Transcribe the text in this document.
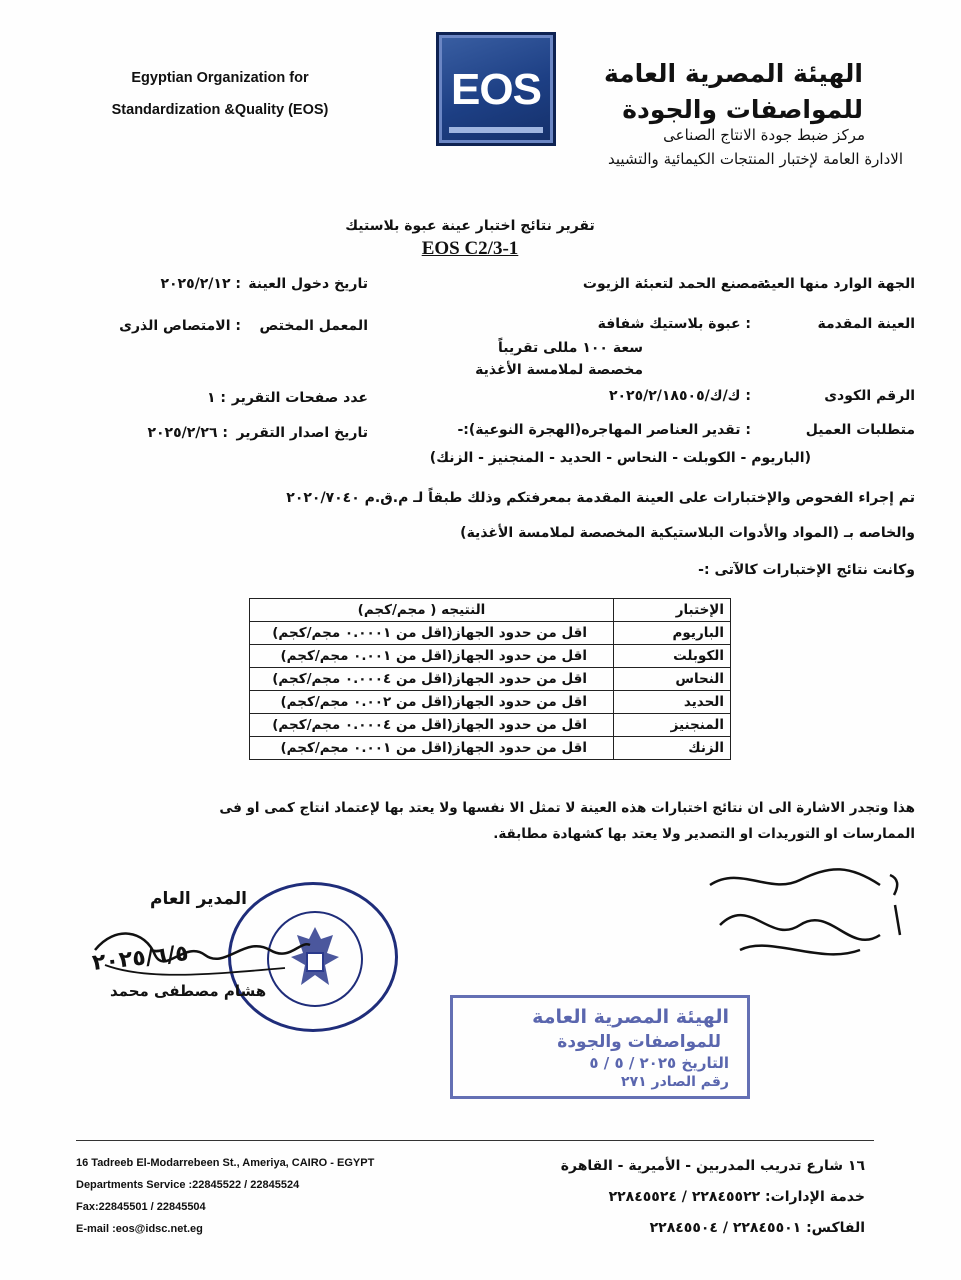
Egyptian Organization for
Standardization &Quality (EOS)	EOS	الهيئة المصرية العامة
للمواصفات والجودة
مركز ضبط جودة الانتاج الصناعى
الادارة العامة لإختبار المنتجات الكيمائية والتشييد
تقرير نتائج اختبار عينة عبوة بلاستيك
EOS C2/3-1
الجهة الوارد منها العينة
: مصنع الحمد لتعبئة الزيوت
العينة المقدمة
: عبوة بلاستيك شفافة
سعة ١٠٠ مللى تقريباً
مخصصة لملامسة الأغذية
الرقم الكودى
: ك/ك/٢٠٢٥/٢/١٨٥٠٥
متطلبات العميل
: تقدير العناصر المهاجره(الهجرة النوعية):-
(الباريوم - الكوبلت - النحاس - الحديد - المنجنيز - الزنك)
تاريخ دخول العينة
: ٢٠٢٥/٢/١٢
المعمل المختص
: الامتصاص الذرى
عدد صفحات التقرير
: ١
تاريخ اصدار التقرير
: ٢٠٢٥/٢/٢٦
تم إجراء الفحوص والإختبارات على العينة المقدمة بمعرفتكم وذلك طبقاً لـ م.ق.م ٢٠٢٠/٧٠٤٠
والخاصه بـ (المواد والأدوات البلاستيكية المخصصة لملامسة الأغذية)
وكانت نتائج الإختبارات كالآتى :-
الإختبار	النتيجه ( مجم/كجم)
الباريوم	اقل من حدود الجهاز(اقل من ٠.٠٠٠١ مجم/كجم)
الكوبلت	اقل من حدود الجهاز(اقل من ٠.٠٠١ مجم/كجم)
النحاس	اقل من حدود الجهاز(اقل من ٠.٠٠٠٤ مجم/كجم)
الحديد	اقل من حدود الجهاز(اقل من ٠.٠٠٢ مجم/كجم)
المنجنيز	اقل من حدود الجهاز(اقل من ٠.٠٠٠٤ مجم/كجم)
الزنك	اقل من حدود الجهاز(اقل من ٠.٠٠١ مجم/كجم)
هذا وتجدر الاشارة الى ان نتائج اختبارات هذه العينة لا تمثل الا نفسها ولا يعتد بها لإعتماد انتاج كمى او فى
الممارسات او التوريدات او التصدير ولا يعتد بها كشهادة مطابقة.
المدير العام
٢٠٢٥/٦/٥
هشام مصطفى محمد
الهيئة المصرية العامة
للمواصفات والجودة
التاريخ ٢٠٢٥ / ٥ / ٥
رقم الصادر ٢٧١
16 Tadreeb El-Modarrebeen St., Ameriya, CAIRO - EGYPT
Departments Service :22845522 / 22845524
Fax:22845501 / 22845504
E-mail :eos@idsc.net.eg
١٦ شارع تدريب المدربين - الأميرية - القاهرة
خدمة الإدارات: ٢٢٨٤٥٥٢٢ / ٢٢٨٤٥٥٢٤
الفاكس: ٢٢٨٤٥٥٠١ / ٢٢٨٤٥٥٠٤
